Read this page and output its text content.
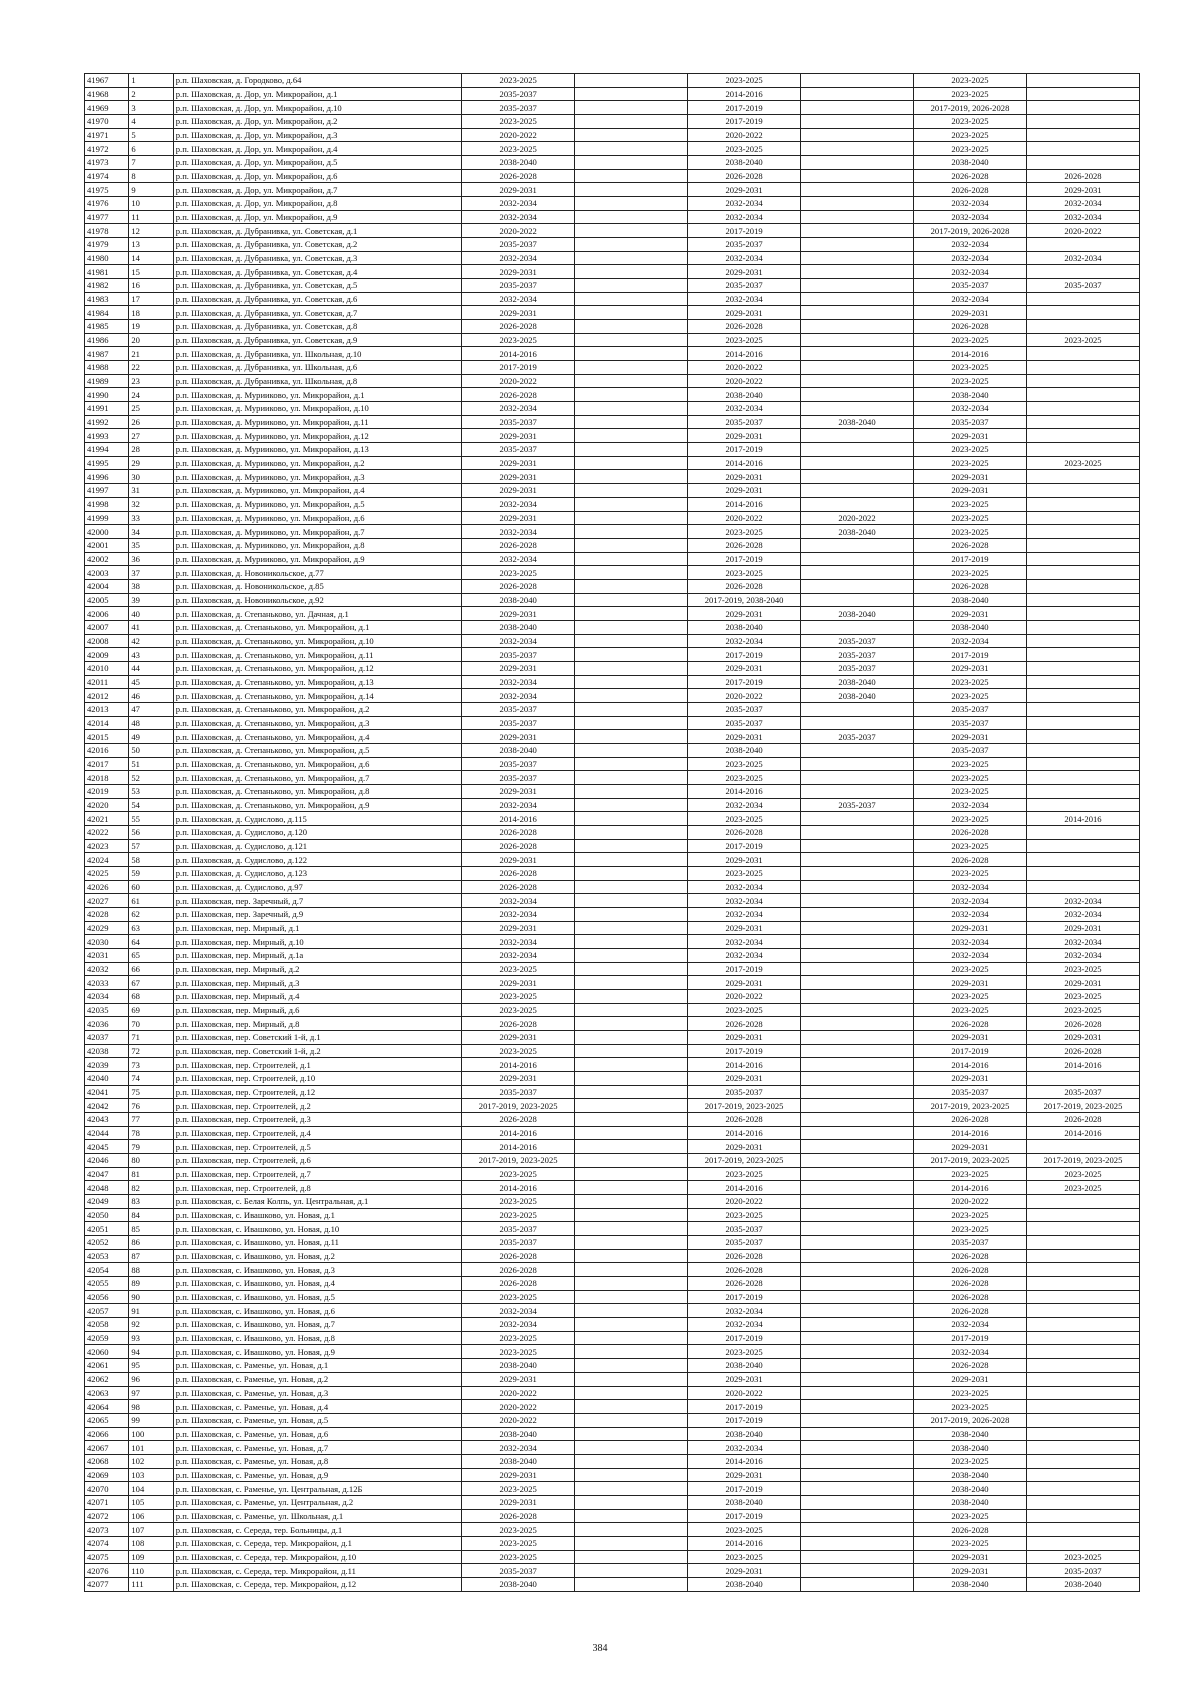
41967	1	р.п. Шаховская, д. Городково, д.64	2023-2025		2023-2025		2023-2025	
41968	2	р.п. Шаховская, д. Дор, ул. Микрорайон, д.1	2035-2037		2014-2016		2023-2025	
41969	3	р.п. Шаховская, д. Дор, ул. Микрорайон, д.10	2035-2037		2017-2019		2017-2019, 2026-2028	
41970	4	р.п. Шаховская, д. Дор, ул. Микрорайон, д.2	2023-2025		2017-2019		2023-2025	
41971	5	р.п. Шаховская, д. Дор, ул. Микрорайон, д.3	2020-2022		2020-2022		2023-2025	
41972	6	р.п. Шаховская, д. Дор, ул. Микрорайон, д.4	2023-2025		2023-2025		2023-2025	
41973	7	р.п. Шаховская, д. Дор, ул. Микрорайон, д.5	2038-2040		2038-2040		2038-2040	
41974	8	р.п. Шаховская, д. Дор, ул. Микрорайон, д.6	2026-2028		2026-2028		2026-2028	2026-2028
41975	9	р.п. Шаховская, д. Дор, ул. Микрорайон, д.7	2029-2031		2029-2031		2026-2028	2029-2031
41976	10	р.п. Шаховская, д. Дор, ул. Микрорайон, д.8	2032-2034		2032-2034		2032-2034	2032-2034
41977	11	р.п. Шаховская, д. Дор, ул. Микрорайон, д.9	2032-2034		2032-2034		2032-2034	2032-2034
41978	12	р.п. Шаховская, д. Дубранивка, ул. Советская, д.1	2020-2022		2017-2019		2017-2019, 2026-2028	2020-2022
41979	13	р.п. Шаховская, д. Дубранивка, ул. Советская, д.2	2035-2037		2035-2037		2032-2034	
41980	14	р.п. Шаховская, д. Дубранивка, ул. Советская, д.3	2032-2034		2032-2034		2032-2034	2032-2034
41981	15	р.п. Шаховская, д. Дубранивка, ул. Советская, д.4	2029-2031		2029-2031		2032-2034	
41982	16	р.п. Шаховская, д. Дубранивка, ул. Советская, д.5	2035-2037		2035-2037		2035-2037	2035-2037
41983	17	р.п. Шаховская, д. Дубранивка, ул. Советская, д.6	2032-2034		2032-2034		2032-2034	
41984	18	р.п. Шаховская, д. Дубранивка, ул. Советская, д.7	2029-2031		2029-2031		2029-2031	
41985	19	р.п. Шаховская, д. Дубранивка, ул. Советская, д.8	2026-2028		2026-2028		2026-2028	
41986	20	р.п. Шаховская, д. Дубранивка, ул. Советская, д.9	2023-2025		2023-2025		2023-2025	2023-2025
41987	21	р.п. Шаховская, д. Дубранивка, ул. Школьная, д.10	2014-2016		2014-2016		2014-2016	
41988	22	р.п. Шаховская, д. Дубранивка, ул. Школьная, д.6	2017-2019		2020-2022		2023-2025	
41989	23	р.п. Шаховская, д. Дубранивка, ул. Школьная, д.8	2020-2022		2020-2022		2023-2025	
41990	24	р.п. Шаховская, д. Мурииково, ул. Микрорайон, д.1	2026-2028		2038-2040		2038-2040	
41991	25	р.п. Шаховская, д. Мурииково, ул. Микрорайон, д.10	2032-2034		2032-2034		2032-2034	
41992	26	р.п. Шаховская, д. Мурииково, ул. Микрорайон, д.11	2035-2037		2035-2037	2038-2040	2035-2037	
41993	27	р.п. Шаховская, д. Мурииково, ул. Микрорайон, д.12	2029-2031		2029-2031		2029-2031	
41994	28	р.п. Шаховская, д. Мурииково, ул. Микрорайон, д.13	2035-2037		2017-2019		2023-2025	
41995	29	р.п. Шаховская, д. Мурииково, ул. Микрорайон, д.2	2029-2031		2014-2016		2023-2025	2023-2025
41996	30	р.п. Шаховская, д. Мурииково, ул. Микрорайон, д.3	2029-2031		2029-2031		2029-2031	
41997	31	р.п. Шаховская, д. Мурииково, ул. Микрорайон, д.4	2029-2031		2029-2031		2029-2031	
41998	32	р.п. Шаховская, д. Мурииково, ул. Микрорайон, д.5	2032-2034		2014-2016		2023-2025	
41999	33	р.п. Шаховская, д. Мурииково, ул. Микрорайон, д.6	2029-2031		2020-2022	2020-2022	2023-2025	
42000	34	р.п. Шаховская, д. Мурииково, ул. Микрорайон, д.7	2032-2034		2023-2025	2038-2040	2023-2025	
42001	35	р.п. Шаховская, д. Мурииково, ул. Микрорайон, д.8	2026-2028		2026-2028		2026-2028	
42002	36	р.п. Шаховская, д. Мурииково, ул. Микрорайон, д.9	2032-2034		2017-2019		2017-2019	
42003	37	р.п. Шаховская, д. Новоникольское, д.77	2023-2025		2023-2025		2023-2025	
42004	38	р.п. Шаховская, д. Новоникольское, д.85	2026-2028		2026-2028		2026-2028	
42005	39	р.п. Шаховская, д. Новоникольское, д.92	2038-2040		2017-2019, 2038-2040		2038-2040	
42006	40	р.п. Шаховская, д. Степаньково, ул. Дачная, д.1	2029-2031		2029-2031	2038-2040	2029-2031	
42007	41	р.п. Шаховская, д. Степаньково, ул. Микрорайон, д.1	2038-2040		2038-2040		2038-2040	
42008	42	р.п. Шаховская, д. Степаньково, ул. Микрорайон, д.10	2032-2034		2032-2034	2035-2037	2032-2034	
42009	43	р.п. Шаховская, д. Степаньково, ул. Микрорайон, д.11	2035-2037		2017-2019	2035-2037	2017-2019	
42010	44	р.п. Шаховская, д. Степаньково, ул. Микрорайон, д.12	2029-2031		2029-2031	2035-2037	2029-2031	
42011	45	р.п. Шаховская, д. Степаньково, ул. Микрорайон, д.13	2032-2034		2017-2019	2038-2040	2023-2025	
42012	46	р.п. Шаховская, д. Степаньково, ул. Микрорайон, д.14	2032-2034		2020-2022	2038-2040	2023-2025	
42013	47	р.п. Шаховская, д. Степаньково, ул. Микрорайон, д.2	2035-2037		2035-2037		2035-2037	
42014	48	р.п. Шаховская, д. Степаньково, ул. Микрорайон, д.3	2035-2037		2035-2037		2035-2037	
42015	49	р.п. Шаховская, д. Степаньково, ул. Микрорайон, д.4	2029-2031		2029-2031	2035-2037	2029-2031	
42016	50	р.п. Шаховская, д. Степаньково, ул. Микрорайон, д.5	2038-2040		2038-2040		2035-2037	
42017	51	р.п. Шаховская, д. Степаньково, ул. Микрорайон, д.6	2035-2037		2023-2025		2023-2025	
42018	52	р.п. Шаховская, д. Степаньково, ул. Микрорайон, д.7	2035-2037		2023-2025		2023-2025	
42019	53	р.п. Шаховская, д. Степаньково, ул. Микрорайон, д.8	2029-2031		2014-2016		2023-2025	
42020	54	р.п. Шаховская, д. Степаньково, ул. Микрорайон, д.9	2032-2034		2032-2034	2035-2037	2032-2034	
42021	55	р.п. Шаховская, д. Судислово, д.115	2014-2016		2023-2025		2023-2025	2014-2016
42022	56	р.п. Шаховская, д. Судислово, д.120	2026-2028		2026-2028		2026-2028	
42023	57	р.п. Шаховская, д. Судислово, д.121	2026-2028		2017-2019		2023-2025	
42024	58	р.п. Шаховская, д. Судислово, д.122	2029-2031		2029-2031		2026-2028	
42025	59	р.п. Шаховская, д. Судислово, д.123	2026-2028		2023-2025		2023-2025	
42026	60	р.п. Шаховская, д. Судислово, д.97	2026-2028		2032-2034		2032-2034	
42027	61	р.п. Шаховская, пер. Заречный, д.7	2032-2034		2032-2034		2032-2034	2032-2034
42028	62	р.п. Шаховская, пер. Заречный, д.9	2032-2034		2032-2034		2032-2034	2032-2034
42029	63	р.п. Шаховская, пер. Мирный, д.1	2029-2031		2029-2031		2029-2031	2029-2031
42030	64	р.п. Шаховская, пер. Мирный, д.10	2032-2034		2032-2034		2032-2034	2032-2034
42031	65	р.п. Шаховская, пер. Мирный, д.1а	2032-2034		2032-2034		2032-2034	2032-2034
42032	66	р.п. Шаховская, пер. Мирный, д.2	2023-2025		2017-2019		2023-2025	2023-2025
42033	67	р.п. Шаховская, пер. Мирный, д.3	2029-2031		2029-2031		2029-2031	2029-2031
42034	68	р.п. Шаховская, пер. Мирный, д.4	2023-2025		2020-2022		2023-2025	2023-2025
42035	69	р.п. Шаховская, пер. Мирный, д.6	2023-2025		2023-2025		2023-2025	2023-2025
42036	70	р.п. Шаховская, пер. Мирный, д.8	2026-2028		2026-2028		2026-2028	2026-2028
42037	71	р.п. Шаховская, пер. Советский 1-й, д.1	2029-2031		2029-2031		2029-2031	2029-2031
42038	72	р.п. Шаховская, пер. Советский 1-й, д.2	2023-2025		2017-2019		2017-2019	2026-2028
42039	73	р.п. Шаховская, пер. Строителей, д.1	2014-2016		2014-2016		2014-2016	2014-2016
42040	74	р.п. Шаховская, пер. Строителей, д.10	2029-2031		2029-2031		2029-2031	
42041	75	р.п. Шаховская, пер. Строителей, д.12	2035-2037		2035-2037		2035-2037	2035-2037
42042	76	р.п. Шаховская, пер. Строителей, д.2	2017-2019, 2023-2025		2017-2019, 2023-2025		2017-2019, 2023-2025	2017-2019, 2023-2025
42043	77	р.п. Шаховская, пер. Строителей, д.3	2026-2028		2026-2028		2026-2028	2026-2028
42044	78	р.п. Шаховская, пер. Строителей, д.4	2014-2016		2014-2016		2014-2016	2014-2016
42045	79	р.п. Шаховская, пер. Строителей, д.5	2014-2016		2029-2031		2029-2031	
42046	80	р.п. Шаховская, пер. Строителей, д.6	2017-2019, 2023-2025		2017-2019, 2023-2025		2017-2019, 2023-2025	2017-2019, 2023-2025
42047	81	р.п. Шаховская, пер. Строителей, д.7	2023-2025		2023-2025		2023-2025	2023-2025
42048	82	р.п. Шаховская, пер. Строителей, д.8	2014-2016		2014-2016		2014-2016	2023-2025
42049	83	р.п. Шаховская, с. Белая Колпь, ул. Центральная, д.1	2023-2025		2020-2022		2020-2022	
42050	84	р.п. Шаховская, с. Ивашково, ул. Новая, д.1	2023-2025		2023-2025		2023-2025	
42051	85	р.п. Шаховская, с. Ивашково, ул. Новая, д.10	2035-2037		2035-2037		2023-2025	
42052	86	р.п. Шаховская, с. Ивашково, ул. Новая, д.11	2035-2037		2035-2037		2035-2037	
42053	87	р.п. Шаховская, с. Ивашково, ул. Новая, д.2	2026-2028		2026-2028		2026-2028	
42054	88	р.п. Шаховская, с. Ивашково, ул. Новая, д.3	2026-2028		2026-2028		2026-2028	
42055	89	р.п. Шаховская, с. Ивашково, ул. Новая, д.4	2026-2028		2026-2028		2026-2028	
42056	90	р.п. Шаховская, с. Ивашково, ул. Новая, д.5	2023-2025		2017-2019		2026-2028	
42057	91	р.п. Шаховская, с. Ивашково, ул. Новая, д.6	2032-2034		2032-2034		2026-2028	
42058	92	р.п. Шаховская, с. Ивашково, ул. Новая, д.7	2032-2034		2032-2034		2032-2034	
42059	93	р.п. Шаховская, с. Ивашково, ул. Новая, д.8	2023-2025		2017-2019		2017-2019	
42060	94	р.п. Шаховская, с. Ивашково, ул. Новая, д.9	2023-2025		2023-2025		2032-2034	
42061	95	р.п. Шаховская, с. Раменье, ул. Новая, д.1	2038-2040		2038-2040		2026-2028	
42062	96	р.п. Шаховская, с. Раменье, ул. Новая, д.2	2029-2031		2029-2031		2029-2031	
42063	97	р.п. Шаховская, с. Раменье, ул. Новая, д.3	2020-2022		2020-2022		2023-2025	
42064	98	р.п. Шаховская, с. Раменье, ул. Новая, д.4	2020-2022		2017-2019		2023-2025	
42065	99	р.п. Шаховская, с. Раменье, ул. Новая, д.5	2020-2022		2017-2019		2017-2019, 2026-2028	
42066	100	р.п. Шаховская, с. Раменье, ул. Новая, д.6	2038-2040		2038-2040		2038-2040	
42067	101	р.п. Шаховская, с. Раменье, ул. Новая, д.7	2032-2034		2032-2034		2038-2040	
42068	102	р.п. Шаховская, с. Раменье, ул. Новая, д.8	2038-2040		2014-2016		2023-2025	
42069	103	р.п. Шаховская, с. Раменье, ул. Новая, д.9	2029-2031		2029-2031		2038-2040	
42070	104	р.п. Шаховская, с. Раменье, ул. Центральная, д.12Б	2023-2025		2017-2019		2038-2040	
42071	105	р.п. Шаховская, с. Раменье, ул. Центральная, д.2	2029-2031		2038-2040		2038-2040	
42072	106	р.п. Шаховская, с. Раменье, ул. Школьная, д.1	2026-2028		2017-2019		2023-2025	
42073	107	р.п. Шаховская, с. Середа, тер. Больницы, д.1	2023-2025		2023-2025		2026-2028	
42074	108	р.п. Шаховская, с. Середа, тер. Микрорайон, д.1	2023-2025		2014-2016		2023-2025	
42075	109	р.п. Шаховская, с. Середа, тер. Микрорайон, д.10	2023-2025		2023-2025		2029-2031	2023-2025
42076	110	р.п. Шаховская, с. Середа, тер. Микрорайон, д.11	2035-2037		2029-2031		2029-2031	2035-2037
42077	111	р.п. Шаховская, с. Середа, тер. Микрорайон, д.12	2038-2040		2038-2040		2038-2040	2038-2040
384
